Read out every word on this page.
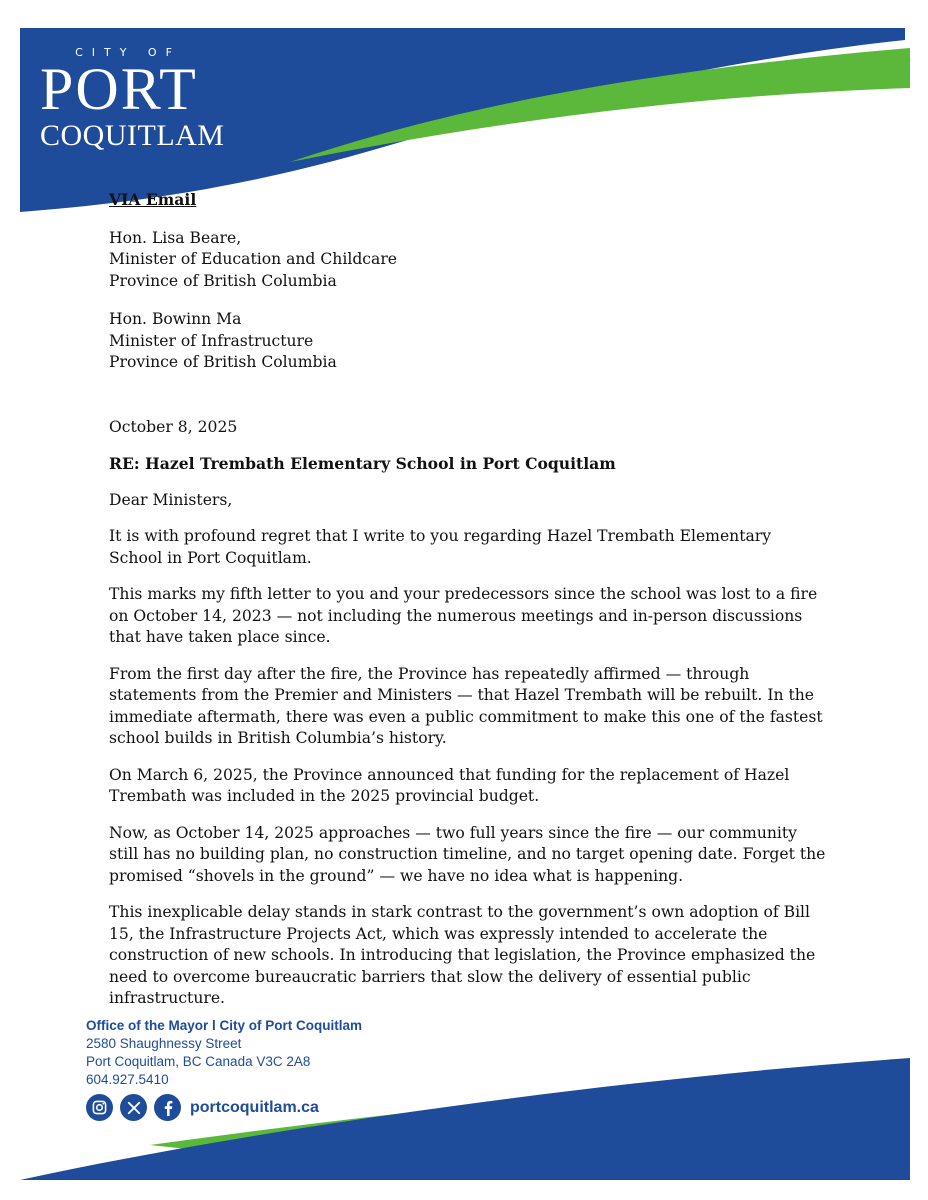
CITY OF
PORT
COQUITLAM

VIA Email

Hon. Lisa Beare,
Minister of Education and Childcare
Province of British Columbia

Hon. Bowinn Ma
Minister of Infrastructure
Province of British Columbia

October 8, 2025

RE: Hazel Trembath Elementary School in Port Coquitlam

Dear Ministers,

It is with profound regret that I write to you regarding Hazel Trembath Elementary School in Port Coquitlam.

This marks my fifth letter to you and your predecessors since the school was lost to a fire on October 14, 2023 — not including the numerous meetings and in-person discussions that have taken place since.

From the first day after the fire, the Province has repeatedly affirmed — through statements from the Premier and Ministers — that Hazel Trembath will be rebuilt. In the immediate aftermath, there was even a public commitment to make this one of the fastest school builds in British Columbia’s history.

On March 6, 2025, the Province announced that funding for the replacement of Hazel Trembath was included in the 2025 provincial budget.

Now, as October 14, 2025 approaches — two full years since the fire — our community still has no building plan, no construction timeline, and no target opening date. Forget the promised “shovels in the ground” — we have no idea what is happening.

This inexplicable delay stands in stark contrast to the government’s own adoption of Bill 15, the Infrastructure Projects Act, which was expressly intended to accelerate the construction of new schools. In introducing that legislation, the Province emphasized the need to overcome bureaucratic barriers that slow the delivery of essential public infrastructure.

Office of the Mayor l City of Port Coquitlam
2580 Shaughnessy Street
Port Coquitlam, BC Canada V3C 2A8
604.927.5410
portcoquitlam.ca
